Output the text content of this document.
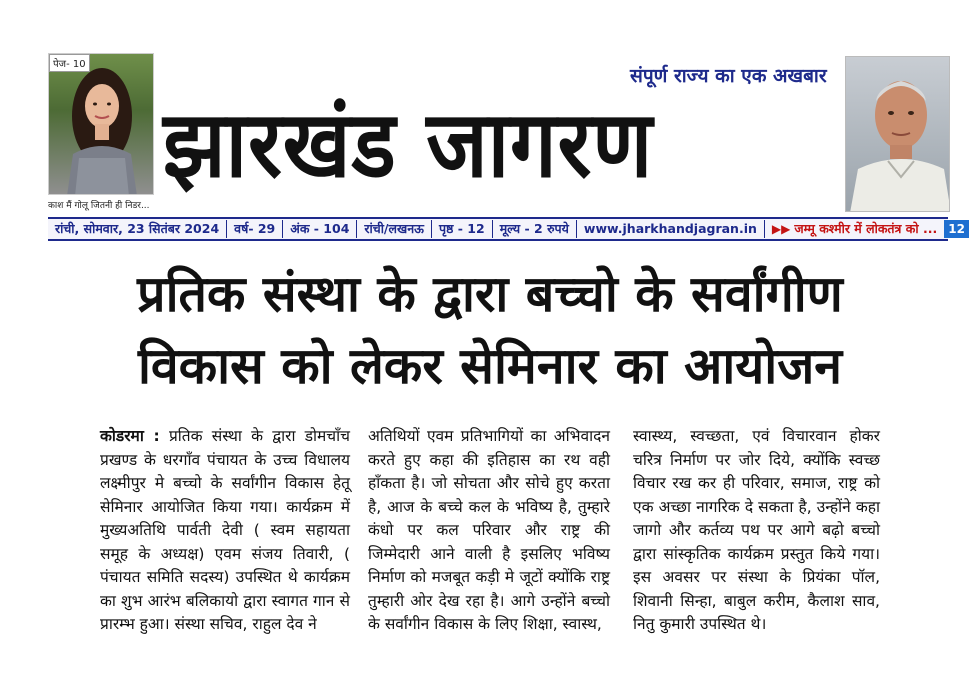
पेज- 10
काश मैं गोलू जितनी ही निडर...
संपूर्ण राज्य का एक अखबार
झारखंड जागरण
रांची, सोमवार, 23 सितंबर 2024	वर्ष- 29	अंक - 104	रांची/लखनऊ	पृष्ठ - 12	मूल्य - 2 रुपये	www.jharkhandjagran.in	▶▶ जम्मू कश्मीर में लोकतंत्र को ... 12
प्रतिक संस्था के द्वारा बच्चो के सर्वांगीण
विकास को लेकर सेमिनार का आयोजन
कोडरमा : प्रतिक संस्था के द्वारा डोमचाँच प्रखण्ड के धरगाँव पंचायत के उच्च विधालय लक्ष्मीपुर मे बच्चो के सर्वांगीन विकास हेतू सेमिनार आयोजित किया गया। कार्यक्रम में मुख्यअतिथि पार्वती देवी ( स्वम सहायता समूह के अध्यक्ष) एवम संजय तिवारी, ( पंचायत समिति सदस्य) उपस्थित थे कार्यक्रम का शुभ आरंभ बलिकायो द्वारा स्वागत गान से प्रारम्भ हुआ। संस्था सचिव, राहुल देव ने
अतिथियों एवम प्रतिभागियों का अभिवादन करते हुए कहा की इतिहास का रथ वही हाँकता है। जो सोचता और सोचे हुए करता है, आज के बच्चे कल के भविष्य है, तुम्हारे कंधो पर कल परिवार और राष्ट्र की जिम्मेदारी आने वाली है इसलिए भविष्य निर्माण को मजबूत कड़ी मे जूटों क्योंकि राष्ट्र तुम्हारी ओर देख रहा है। आगे उन्होंने बच्चो के सर्वांगीन विकास के लिए शिक्षा, स्वास्थ,
स्वास्थ्य, स्वच्छता, एवं विचारवान होकर चरित्र निर्माण पर जोर दिये, क्योंकि स्वच्छ विचार रख कर ही परिवार, समाज, राष्ट्र को एक अच्छा नागरिक दे सकता है, उन्होंने कहा जागो और कर्तव्य पथ पर आगे बढ़ो बच्चो द्वारा सांस्कृतिक कार्यक्रम प्रस्तुत किये गया। इस अवसर पर संस्था के प्रियंका पॉल, शिवानी सिन्हा, बाबुल करीम, कैलाश साव, नितु कुमारी उपस्थित थे।
